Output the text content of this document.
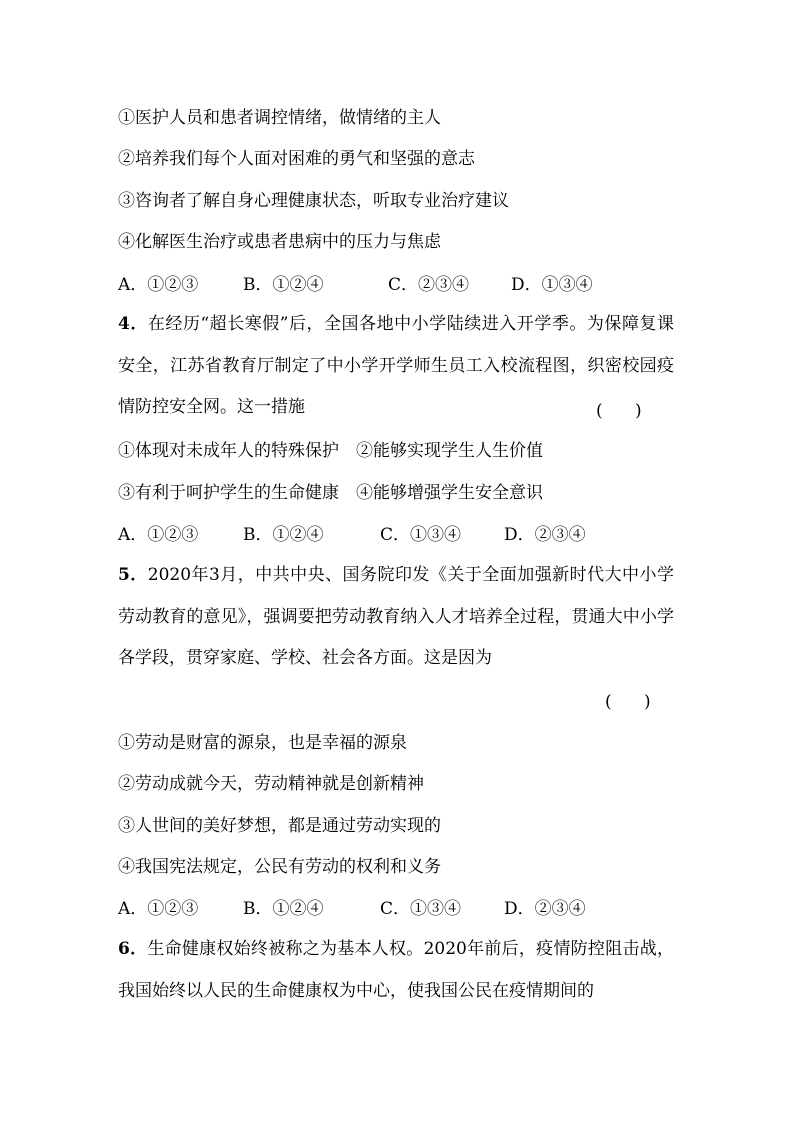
①医护人员和患者调控情绪，做情绪的主人
②培养我们每个人面对困难的勇气和坚强的意志
③咨询者了解自身心理健康状态，听取专业治疗建议
④化解医生治疗或患者患病中的压力与焦虑
A．①②③	B．①②④	C．②③④ D．①③④
4．在经历“超长寒假”后，全国各地中小学陆续进入开学季。为保障复课安全，江苏省教育厅制定了中小学开学师生员工入校流程图，织密校园疫情防控安全网。这一措施	(      )
①体现对未成年人的特殊保护　②能够实现学生人生价值
③有利于呵护学生的生命健康　④能够增强学生安全意识
A．①②③	B．①②④	C．①③④	D．②③④
5．2020年3月，中共中央、国务院印发《关于全面加强新时代大中小学劳动教育的意见》，强调要把劳动教育纳入人才培养全过程，贯通大中小学各学段，贯穿家庭、学校、社会各方面。这是因为
(      )
①劳动是财富的源泉，也是幸福的源泉
②劳动成就今天，劳动精神就是创新精神
③人世间的美好梦想，都是通过劳动实现的
④我国宪法规定，公民有劳动的权利和义务
A．①②③	B．①②④	C．①③④	D．②③④
6．生命健康权始终被称之为基本人权。2020年前后，疫情防控阻击战，我国始终以人民的生命健康权为中心，使我国公民在疫情期间的
